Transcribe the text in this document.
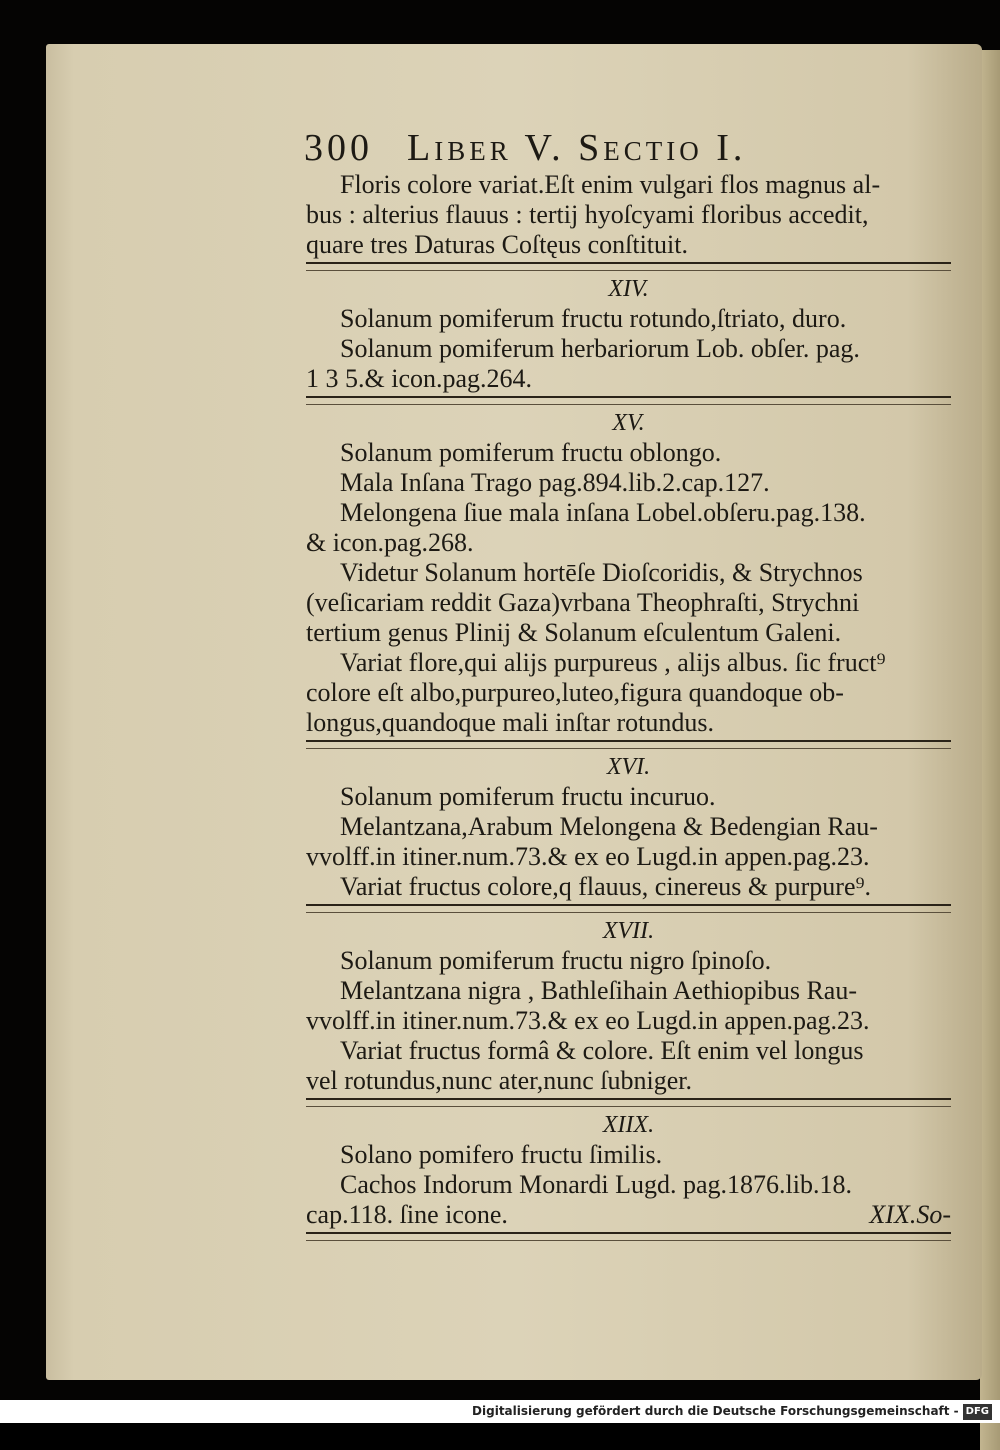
300 Liber V. Sectio I.
Floris colore variat.Eſt enim vulgari flos magnus al-
bus : alterius flauus : tertij hyoſcyami floribus accedit,
quare tres Daturas Coſtęus conſtituit.
XIV.
Solanum pomiferum fructu rotundo,ſtriato, duro.
Solanum pomiferum herbariorum Lob. obſer. pag.
1 3 5.& icon.pag.264.
XV.
Solanum pomiferum fructu oblongo.
Mala Inſana Trago pag.894.lib.2.cap.127.
Melongena ſiue mala inſana Lobel.obſeru.pag.138.
& icon.pag.268.
Videtur Solanum hortēſe Dioſcoridis, & Strychnos
(veſicariam reddit Gaza)vrbana Theophraſti, Strychni
tertium genus Plinij & Solanum eſculentum Galeni.
Variat flore,qui alijs purpureus , alijs albus. ſic fruct⁹
colore eſt albo,purpureo,luteo,figura quandoque ob-
longus,quandoque mali inſtar rotundus.
XVI.
Solanum pomiferum fructu incuruo.
Melantzana,Arabum Melongena & Bedengian Rau-
vvolff.in itiner.num.73.& ex eo Lugd.in appen.pag.23.
Variat fructus colore,q flauus, cinereus & purpure⁹.
XVII.
Solanum pomiferum fructu nigro ſpinoſo.
Melantzana nigra , Bathleſihain Aethiopibus Rau-
vvolff.in itiner.num.73.& ex eo Lugd.in appen.pag.23.
Variat fructus formâ & colore. Eſt enim vel longus
vel rotundus,nunc ater,nunc ſubniger.
XIIX.
Solano pomifero fructu ſimilis.
Cachos Indorum Monardi Lugd. pag.1876.lib.18.
cap.118. ſine icone.	XIX.So-
Digitalisierung gefördert durch die Deutsche Forschungsgemeinschaft - DFG
